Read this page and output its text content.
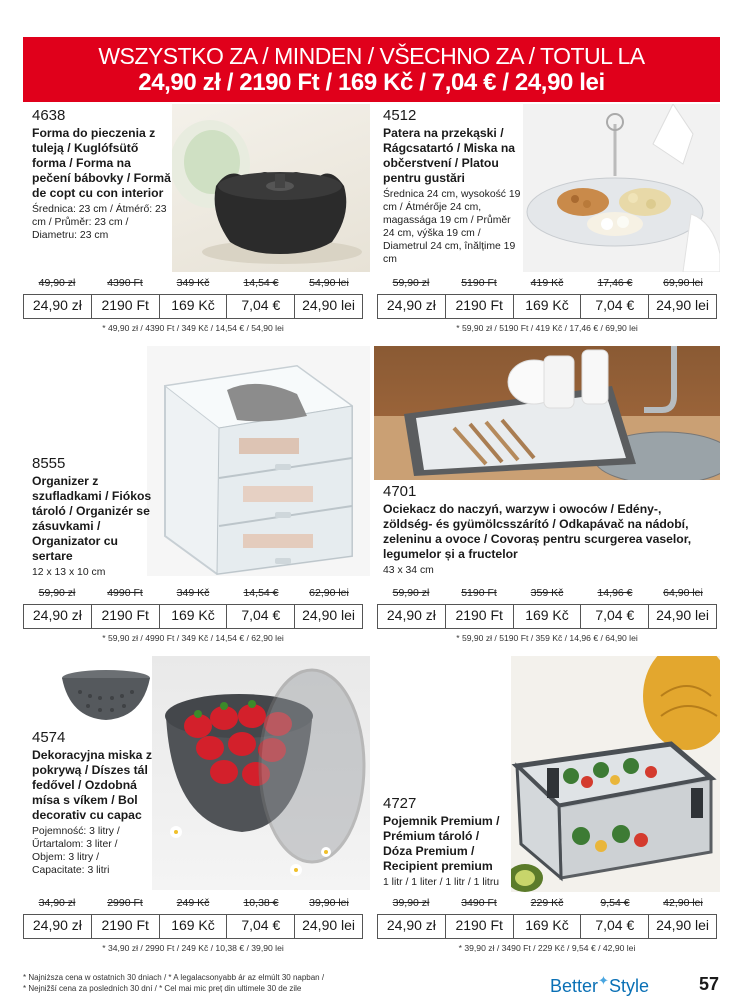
WSZYSTKO ZA / MINDEN / VŠECHNO ZA / TOTUL LA
24,90 zł / 2190 Ft / 169 Kč / 7,04 € / 24,90 lei
4638
Forma do pieczenia z tuleją / Kuglófsütő forma / Forma na pečení bábovky / Formă de copt cu con interior
Średnica: 23 cm / Átmérő: 23 cm / Průměr: 23 cm / Diametru: 23 cm
49,90 zł	4390 Ft	349 Kč	14,54 €	54,90 lei
24,90 zł	2190 Ft	169 Kč	7,04 €	24,90 lei
* 49,90 zł / 4390 Ft / 349 Kč / 14,54 € / 54,90 lei
4512
Patera na przekąski / Rágcsatartó / Miska na občerstvení / Platou pentru gustări
Średnica 24 cm, wysokość 19 cm / Átmérője 24 cm, magassága 19 cm / Průměr 24 cm, výška 19 cm / Diametrul 24 cm, înălțime 19 cm
59,90 zł	5190 Ft	419 Kč	17,46 €	69,90 lei
24,90 zł	2190 Ft	169 Kč	7,04 €	24,90 lei
* 59,90 zł / 5190 Ft / 419 Kč / 17,46 € / 69,90 lei
8555
Organizer z szufladkami / Fiókos tároló / Organizér se zásuvkami / Organizator cu sertare
12 x 13 x 10 cm
59,90 zł	4990 Ft	349 Kč	14,54 €	62,90 lei
24,90 zł	2190 Ft	169 Kč	7,04 €	24,90 lei
* 59,90 zł / 4990 Ft / 349 Kč / 14,54 € / 62,90 lei
4701
Ociekacz do naczyń, warzyw i owoców / Edény-, zöldség- és gyümölcsszárító / Odkapávač na nádobí, zeleninu a ovoce / Covoraș pentru scurgerea vaselor, legumelor și a fructelor
43 x 34 cm
59,90 zł	5190 Ft	359 Kč	14,96 €	64,90 lei
24,90 zł	2190 Ft	169 Kč	7,04 €	24,90 lei
* 59,90 zł / 5190 Ft / 359 Kč / 14,96 € / 64,90 lei
4574
Dekoracyjna miska z pokrywą / Díszes tál fedővel / Ozdobná mísa s víkem / Bol decorativ cu capac
Pojemność: 3 litry / Űrtartalom: 3 liter / Objem: 3 litry / Capacitate: 3 litri
34,90 zł	2990 Ft	249 Kč	10,38 €	39,90 lei
24,90 zł	2190 Ft	169 Kč	7,04 €	24,90 lei
* 34,90 zł / 2990 Ft / 249 Kč / 10,38 € / 39,90 lei
4727
Pojemnik Premium / Prémium tároló / Dóza Premium / Recipient premium
1 litr / 1 liter / 1 litr / 1 litru
39,90 zł	3490 Ft	229 Kč	9,54 €	42,90 lei
24,90 zł	2190 Ft	169 Kč	7,04 €	24,90 lei
* 39,90 zł / 3490 Ft / 229 Kč / 9,54 € / 42,90 lei
* Najniższa cena w ostatnich 30 dniach / * A legalacsonyabb ár az elmúlt 30 napban /
* Nejnižší cena za posledních 30 dní / * Cel mai mic preț din ultimele 30 de zile	Better✦Style	57
